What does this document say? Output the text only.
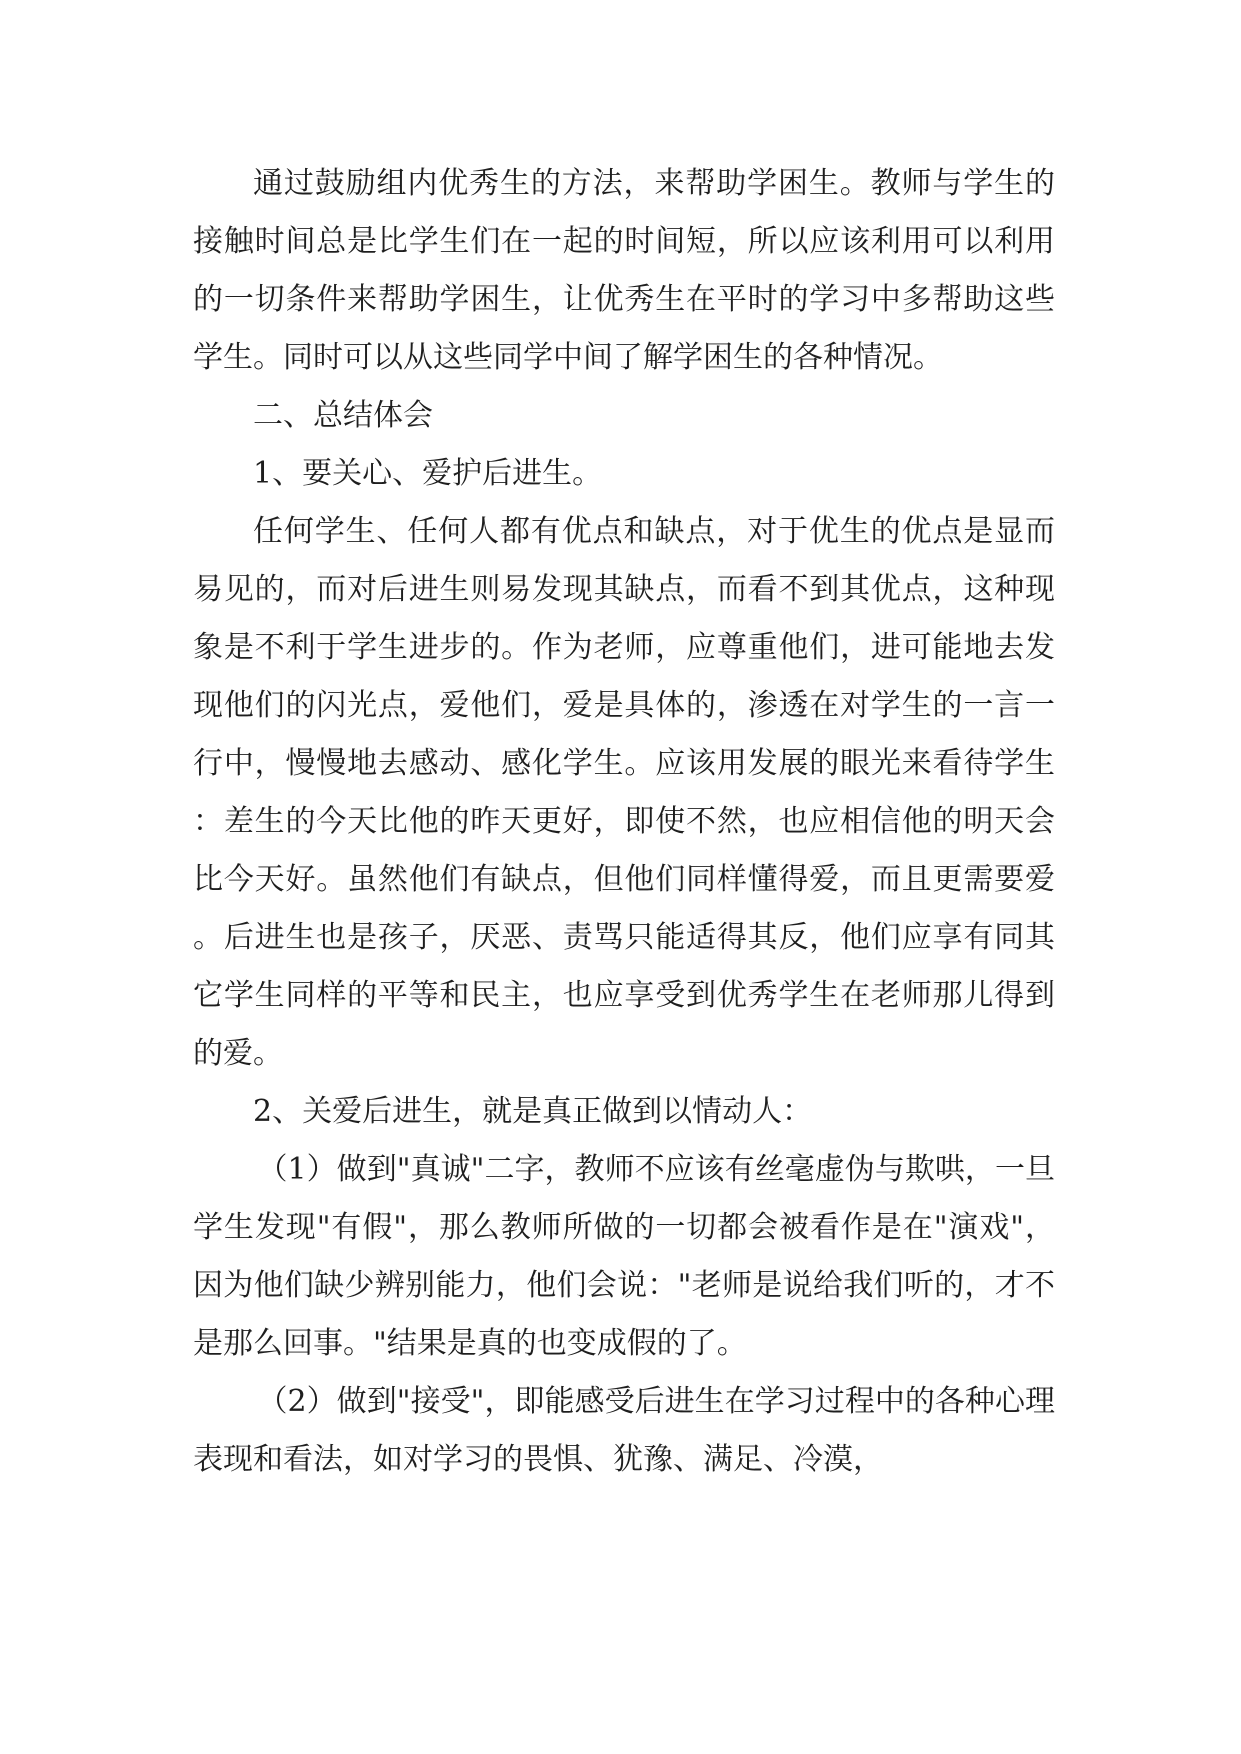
通过鼓励组内优秀生的方法，来帮助学困生。教师与学生的接触时间总是比学生们在一起的时间短，所以应该利用可以利用的一切条件来帮助学困生，让优秀生在平时的学习中多帮助这些学生。同时可以从这些同学中间了解学困生的各种情况。

二、总结体会

1、要关心、爱护后进生。

任何学生、任何人都有优点和缺点，对于优生的优点是显而易见的，而对后进生则易发现其缺点，而看不到其优点，这种现象是不利于学生进步的。作为老师，应尊重他们，进可能地去发现他们的闪光点，爱他们，爱是具体的，渗透在对学生的一言一行中，慢慢地去感动、感化学生。应该用发展的眼光来看待学生：差生的今天比他的昨天更好，即使不然，也应相信他的明天会比今天好。虽然他们有缺点，但他们同样懂得爱，而且更需要爱。后进生也是孩子，厌恶、责骂只能适得其反，他们应享有同其它学生同样的平等和民主，也应享受到优秀学生在老师那儿得到的爱。

2、关爱后进生，就是真正做到以情动人：

（1）做到"真诚"二字，教师不应该有丝毫虚伪与欺哄，一旦学生发现"有假"，那么教师所做的一切都会被看作是在"演戏"，因为他们缺少辨别能力，他们会说："老师是说给我们听的，才不是那么回事。"结果是真的也变成假的了。

（2）做到"接受"，即能感受后进生在学习过程中的各种心理表现和看法，如对学习的畏惧、犹豫、满足、冷漠，
